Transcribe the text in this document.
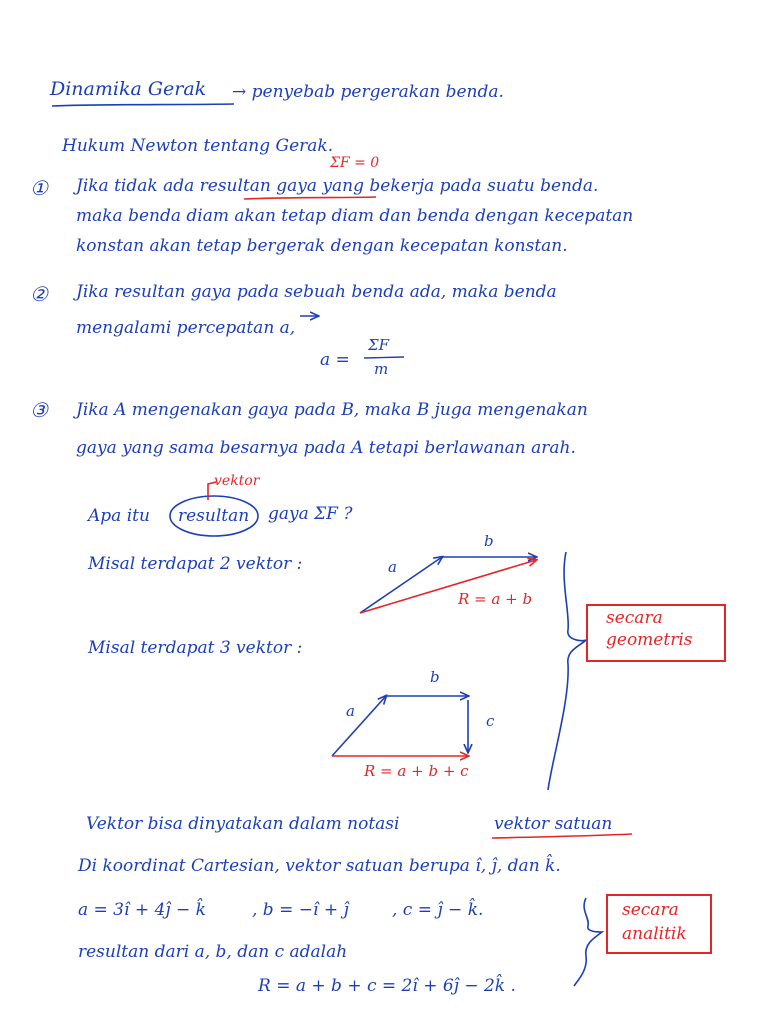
Dinamika Gerak → penyebab pergerakan benda.
Hukum Newton tentang Gerak.
ΣF = 0
① Jika tidak ada resultan gaya yang bekerja pada suatu benda.
maka benda diam akan tetap diam dan benda dengan kecepatan
konstan akan tetap bergerak dengan kecepatan konstan.
② Jika resultan gaya pada sebuah benda ada, maka benda
mengalami percepatan a,
a =
ΣF
m
③ Jika A mengenakan gaya pada B, maka B juga mengenakan
gaya yang sama besarnya pada A tetapi berlawanan arah.
vektor
Apa itu resultan gaya ΣF ?
Misal terdapat 2 vektor :	a
b
R = a + b
Misal terdapat 3 vektor :
a
b
c
R = a + b + c
secara
geometris
Vektor bisa dinyatakan dalam notasi	vektor satuan
Di koordinat Cartesian, vektor satuan berupa î, ĵ, dan k̂.
a = 3î + 4ĵ − k̂	, b = −î + ĵ	, c = ĵ − k̂.
resultan dari a, b, dan c adalah
R = a + b + c = 2î + 6ĵ − 2k̂ .
secara
analitik
